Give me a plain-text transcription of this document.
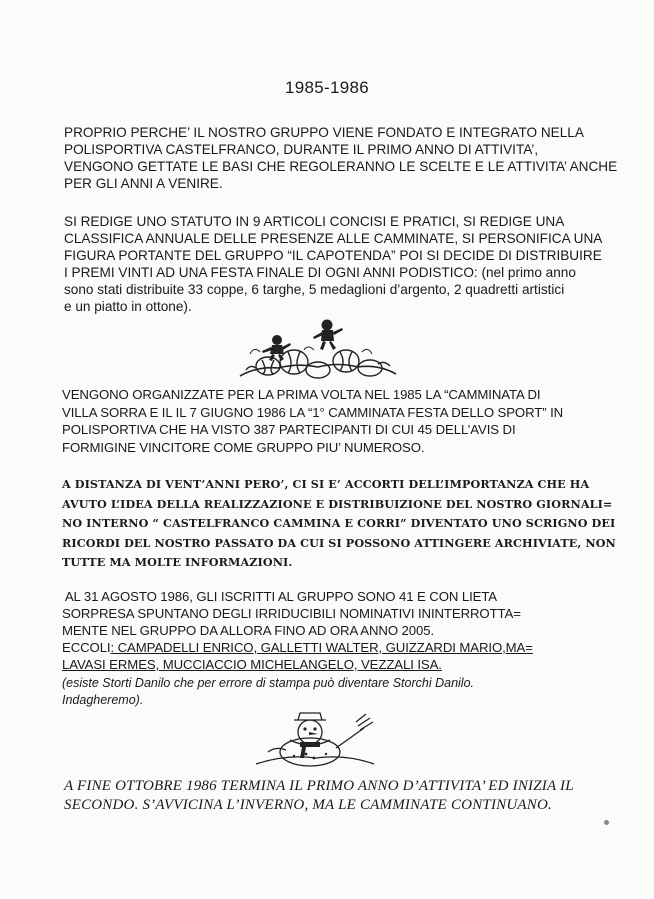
1985-1986
PROPRIO PERCHE’ IL NOSTRO GRUPPO VIENE FONDATO E INTEGRATO NELLA
POLISPORTIVA CASTELFRANCO, DURANTE IL PRIMO ANNO DI ATTIVITA’,
VENGONO GETTATE LE BASI CHE REGOLERANNO LE SCELTE E LE ATTIVITA’ ANCHE
PER GLI ANNI A VENIRE.
SI REDIGE UNO STATUTO IN 9 ARTICOLI CONCISI E PRATICI, SI REDIGE UNA
CLASSIFICA ANNUALE DELLE PRESENZE ALLE CAMMINATE, SI PERSONIFICA UNA
FIGURA PORTANTE DEL GRUPPO “IL CAPOTENDA” POI SI DECIDE DI DISTRIBUIRE
I PREMI VINTI AD UNA FESTA FINALE DI OGNI ANNI PODISTICO: (nel primo anno
sono stati distribuite 33 coppe, 6 targhe, 5 medaglioni d’argento, 2 quadretti artistici
e un piatto in ottone).
VENGONO ORGANIZZATE PER LA PRIMA VOLTA NEL 1985 LA “CAMMINATA DI
VILLA SORRA E IL IL 7 GIUGNO 1986 LA “1° CAMMINATA FESTA DELLO SPORT” IN
POLISPORTIVA CHE HA VISTO 387 PARTECIPANTI DI CUI 45 DELL’AVIS DI
FORMIGINE VINCITORE COME GRUPPO PIU’ NUMEROSO.
A DISTANZA DI VENT’ANNI PERO’, CI SI E’ ACCORTI DELL’IMPORTANZA CHE HA
AVUTO L’IDEA DELLA REALIZZAZIONE E DISTRIBUIZIONE DEL NOSTRO GIORNALI=
NO INTERNO “ CASTELFRANCO CAMMINA E CORRI” DIVENTATO UNO SCRIGNO DEI
RICORDI DEL NOSTRO PASSATO DA CUI SI POSSONO ATTINGERE ARCHIVIATE, NON
TUTTE MA MOLTE INFORMAZIONI.
AL 31 AGOSTO 1986, GLI ISCRITTI AL GRUPPO SONO 41 E CON LIETA
SORPRESA SPUNTANO DEGLI IRRIDUCIBILI NOMINATIVI ININTERROTTA=
MENTE NEL GRUPPO DA ALLORA FINO AD ORA ANNO 2005.
ECCOLI: CAMPADELLI ENRICO, GALLETTI WALTER, GUIZZARDI MARIO,MA=
LAVASI ERMES, MUCCIACCIO MICHELANGELO, VEZZALI ISA.
(esiste Storti Danilo che per errore di stampa può diventare Storchi Danilo.
Indagheremo).
A FINE OTTOBRE 1986 TERMINA IL PRIMO ANNO D’ATTIVITA’ ED INIZIA IL
SECONDO. S’AVVICINA L’INVERNO, MA LE CAMMINATE CONTINUANO.
